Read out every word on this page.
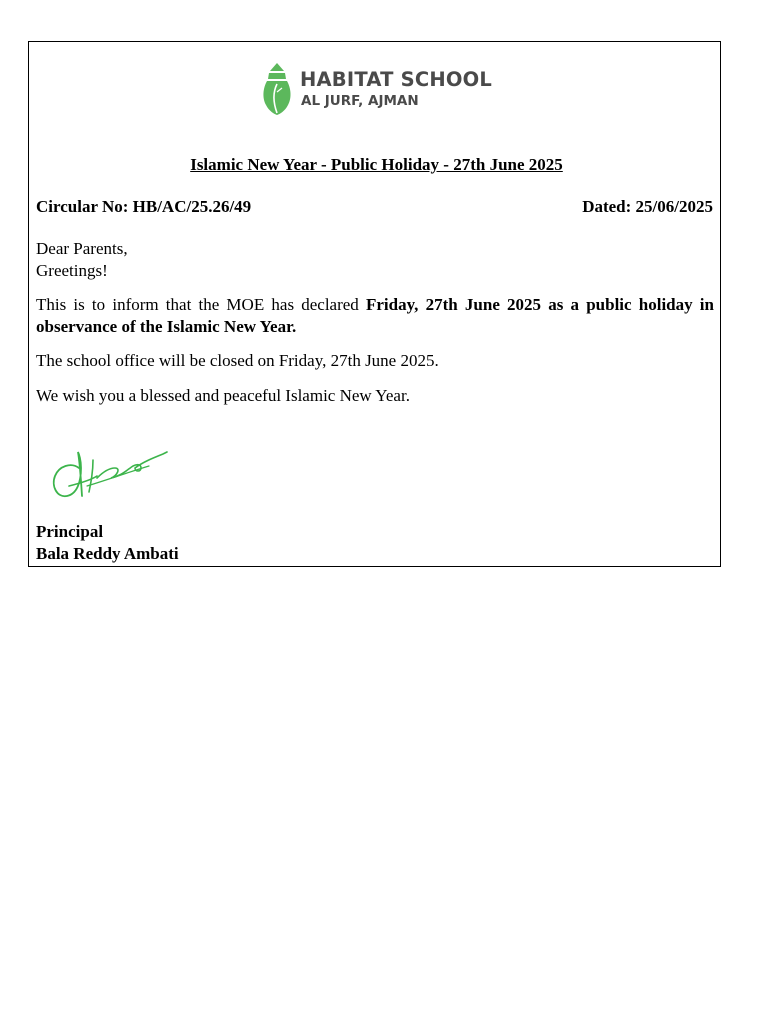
HABITAT SCHOOL
AL JURF, AJMAN
Islamic New Year - Public Holiday - 27th June 2025
Circular No: HB/AC/25.26/49	Dated: 25/06/2025
Dear Parents,
Greetings!
This is to inform that the MOE has declared Friday, 27th June 2025 as a public holiday in observance of the Islamic New Year.
The school office will be closed on Friday, 27th June 2025.
We wish you a blessed and peaceful Islamic New Year.
Principal
Bala Reddy Ambati
